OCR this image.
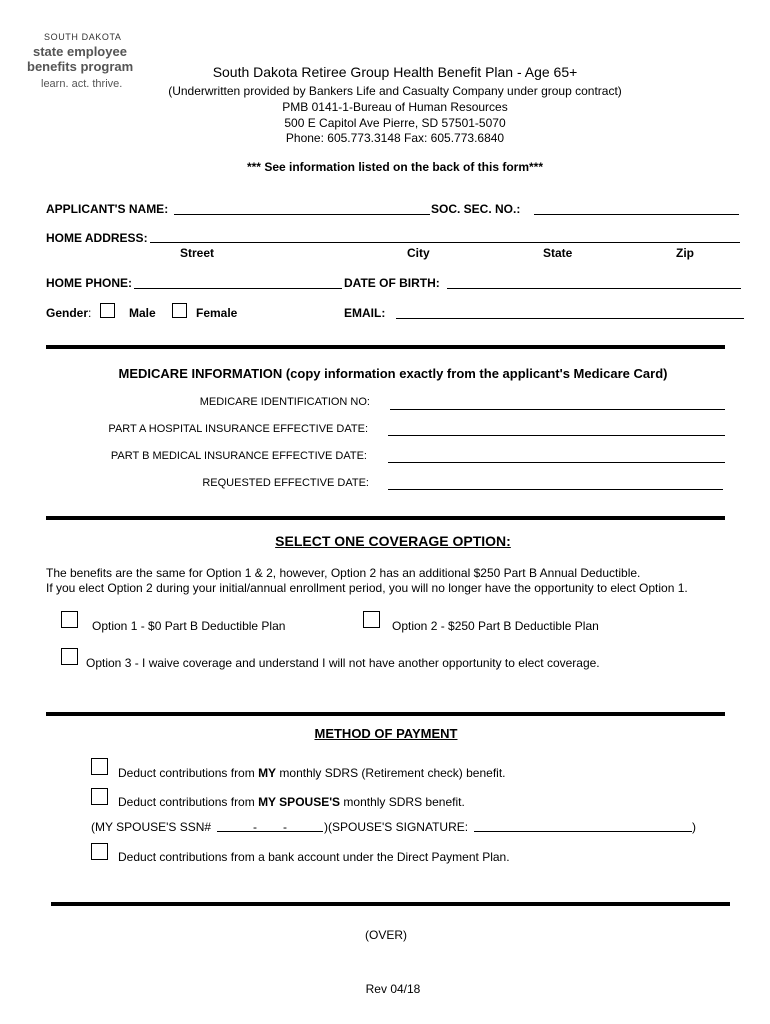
SOUTH DAKOTA
state employee
benefits program
learn. act. thrive.
South Dakota Retiree Group Health Benefit Plan - Age 65+
(Underwritten provided by Bankers Life and Casualty Company under group contract)
PMB 0141-1-Bureau of Human Resources
500 E Capitol Ave Pierre, SD 57501-5070
Phone: 605.773.3148 Fax: 605.773.6840
*** See information listed on the back of this form***
APPLICANT'S NAME:	SOC. SEC. NO.:
HOME ADDRESS:
Street	City	State	Zip
HOME PHONE:	DATE OF BIRTH:
Gender:	Male	Female	EMAIL:
MEDICARE INFORMATION (copy information exactly from the applicant's Medicare Card)
MEDICARE IDENTIFICATION NO:
PART A HOSPITAL INSURANCE EFFECTIVE DATE:
PART B MEDICAL INSURANCE EFFECTIVE DATE:
REQUESTED EFFECTIVE DATE:
SELECT ONE COVERAGE OPTION:
The benefits are the same for Option 1 & 2, however, Option 2 has an additional $250 Part B Annual Deductible.
If you elect Option 2 during your initial/annual enrollment period, you will no longer have the opportunity to elect Option 1.
Option 1 - $0 Part B Deductible Plan	Option 2 - $250 Part B Deductible Plan
Option 3 - I waive coverage and understand I will not have another opportunity to elect coverage.
METHOD OF PAYMENT
Deduct contributions from MY monthly SDRS (Retirement check) benefit.
Deduct contributions from MY SPOUSE'S monthly SDRS benefit.
(MY SPOUSE'S SSN#	- -	)(SPOUSE'S SIGNATURE:	)
Deduct contributions from a bank account under the Direct Payment Plan.
(OVER)
Rev 04/18
